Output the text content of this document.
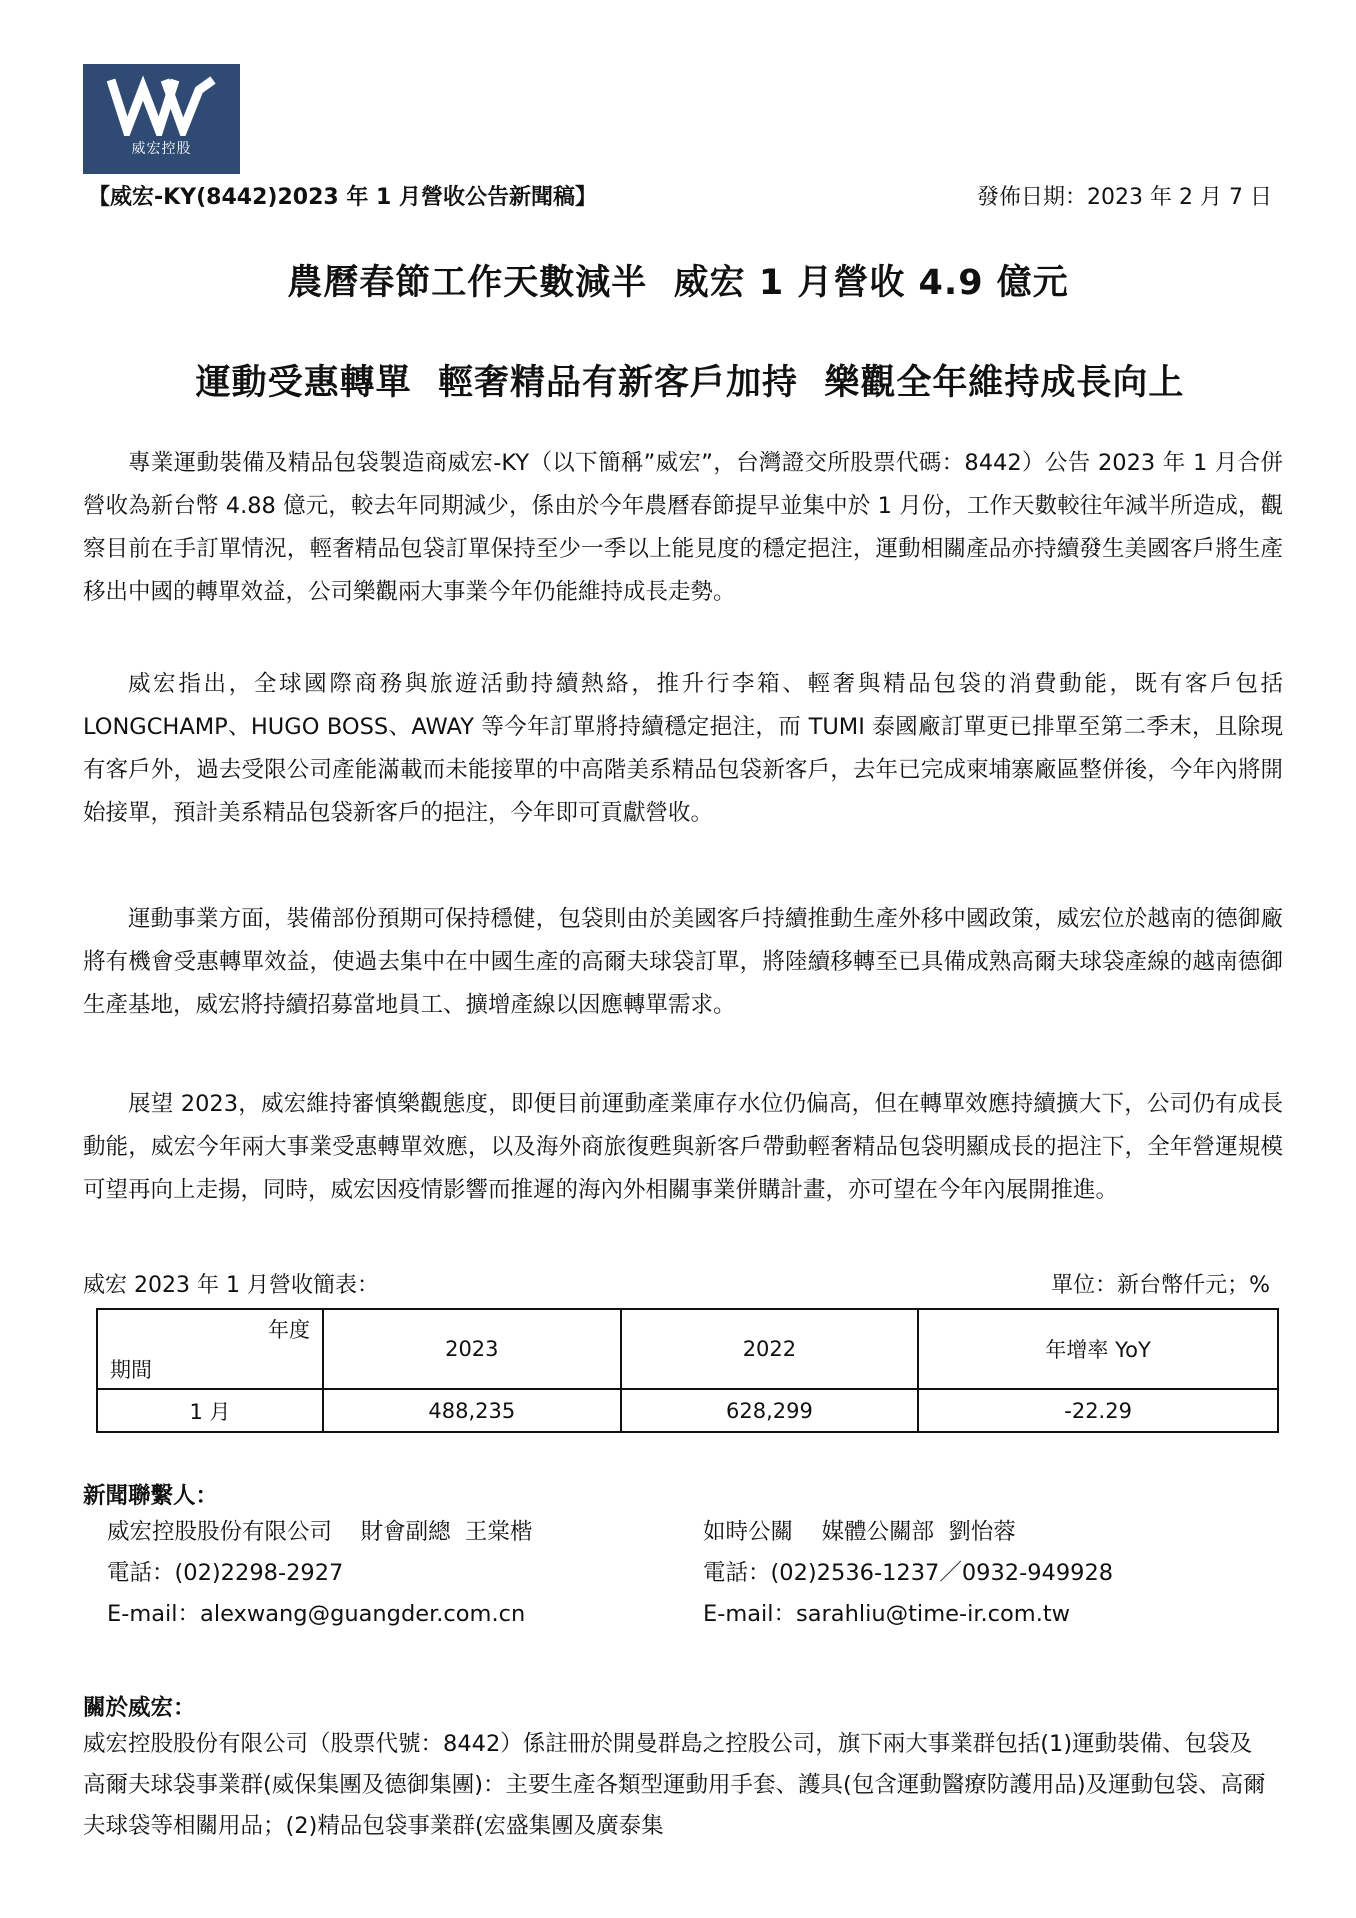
威宏控股
【威宏-KY(8442)2023 年 1 月營收公告新聞稿】	發佈日期：2023 年 2 月 7 日
農曆春節工作天數減半  威宏 1 月營收 4.9 億元
運動受惠轉單  輕奢精品有新客戶加持  樂觀全年維持成長向上

專業運動裝備及精品包袋製造商威宏-KY（以下簡稱”威宏”，台灣證交所股票代碼：8442）公告 2023 年 1 月合併營收為新台幣 4.88 億元，較去年同期減少，係由於今年農曆春節提早並集中於 1 月份，工作天數較往年減半所造成，觀察目前在手訂單情況，輕奢精品包袋訂單保持至少一季以上能見度的穩定挹注，運動相關產品亦持續發生美國客戶將生產移出中國的轉單效益，公司樂觀兩大事業今年仍能維持成長走勢。

威宏指出，全球國際商務與旅遊活動持續熱絡，推升行李箱、輕奢與精品包袋的消費動能，既有客戶包括 LONGCHAMP、HUGO BOSS、AWAY 等今年訂單將持續穩定挹注，而 TUMI 泰國廠訂單更已排單至第二季末，且除現有客戶外，過去受限公司產能滿載而未能接單的中高階美系精品包袋新客戶，去年已完成柬埔寨廠區整併後，今年內將開始接單，預計美系精品包袋新客戶的挹注，今年即可貢獻營收。

運動事業方面，裝備部份預期可保持穩健，包袋則由於美國客戶持續推動生產外移中國政策，威宏位於越南的德御廠將有機會受惠轉單效益，使過去集中在中國生產的高爾夫球袋訂單，將陸續移轉至已具備成熟高爾夫球袋產線的越南德御生產基地，威宏將持續招募當地員工、擴增產線以因應轉單需求。

展望 2023，威宏維持審慎樂觀態度，即便目前運動產業庫存水位仍偏高，但在轉單效應持續擴大下，公司仍有成長動能，威宏今年兩大事業受惠轉單效應，以及海外商旅復甦與新客戶帶動輕奢精品包袋明顯成長的挹注下，全年營運規模可望再向上走揚，同時，威宏因疫情影響而推遲的海內外相關事業併購計畫，亦可望在今年內展開推進。

威宏 2023 年 1 月營收簡表：	單位：新台幣仟元；%
年度
期間	2023	2022	年增率 YoY
1 月	488,235	628,299	-22.29
新聞聯繫人：
威宏控股股份有限公司    財會副總  王棠楷
電話：(02)2298-2927
E-mail：alexwang@guangder.com.cn
如時公關    媒體公關部  劉怡蓉
電話：(02)2536-1237／0932-949928
E-mail：sarahliu@time-ir.com.tw
關於威宏：

威宏控股股份有限公司（股票代號：8442）係註冊於開曼群島之控股公司，旗下兩大事業群包括(1)運動裝備、包袋及高爾夫球袋事業群(威保集團及德御集團)：主要生產各類型運動用手套、護具(包含運動醫療防護用品)及運動包袋、高爾夫球袋等相關用品；(2)精品包袋事業群(宏盛集團及廣泰集
